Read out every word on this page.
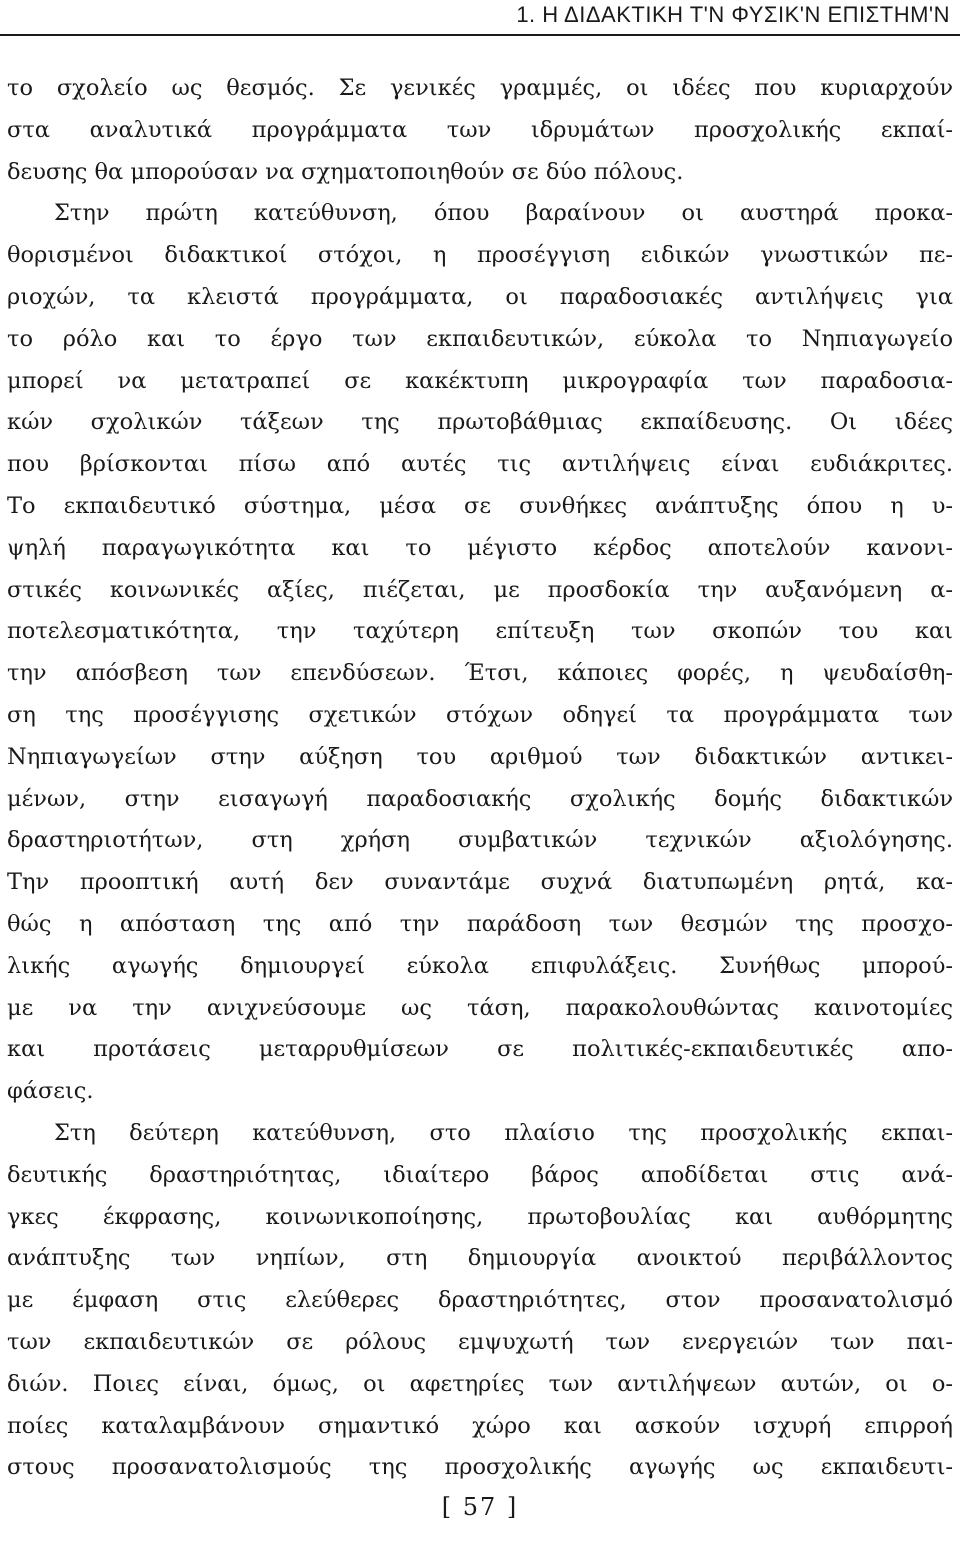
1. Η ΔΙΔΑΚΤΙΚΗ Τ'Ν ΦΥΣΙΚ'Ν ΕΠΙΣΤΗΜ'Ν
το σχολείο ως θεσμός. Σε γενικές γραμμές, οι ιδέες που κυριαρχούν
στα αναλυτικά προγράμματα των ιδρυμάτων προσχολικής εκπαί-
δευσης θα μπορούσαν να σχηματοποιηθούν σε δύο πόλους.
Στην πρώτη κατεύθυνση, όπου βαραίνουν οι αυστηρά προκα-
θορισμένοι διδακτικοί στόχοι, η προσέγγιση ειδικών γνωστικών πε-
ριοχών, τα κλειστά προγράμματα, οι παραδοσιακές αντιλήψεις για
το ρόλο και το έργο των εκπαιδευτικών, εύκολα το Νηπιαγωγείο
μπορεί να μετατραπεί σε κακέκτυπη μικρογραφία των παραδοσια-
κών σχολικών τάξεων της πρωτοβάθμιας εκπαίδευσης. Οι ιδέες
που βρίσκονται πίσω από αυτές τις αντιλήψεις είναι ευδιάκριτες.
Το εκπαιδευτικό σύστημα, μέσα σε συνθήκες ανάπτυξης όπου η υ-
ψηλή παραγωγικότητα και το μέγιστο κέρδος αποτελούν κανονι-
στικές κοινωνικές αξίες, πιέζεται, με προσδοκία την αυξανόμενη α-
ποτελεσματικότητα, την ταχύτερη επίτευξη των σκοπών του και
την απόσβεση των επενδύσεων. Έτσι, κάποιες φορές, η ψευδαίσθη-
ση της προσέγγισης σχετικών στόχων οδηγεί τα προγράμματα των
Νηπιαγωγείων στην αύξηση του αριθμού των διδακτικών αντικει-
μένων, στην εισαγωγή παραδοσιακής σχολικής δομής διδακτικών
δραστηριοτήτων, στη χρήση συμβατικών τεχνικών αξιολόγησης.
Την προοπτική αυτή δεν συναντάμε συχνά διατυπωμένη ρητά, κα-
θώς η απόσταση της από την παράδοση των θεσμών της προσχο-
λικής αγωγής δημιουργεί εύκολα επιφυλάξεις. Συνήθως μπορού-
με να την ανιχνεύσουμε ως τάση, παρακολουθώντας καινοτομίες
και προτάσεις μεταρρυθμίσεων σε πολιτικές-εκπαιδευτικές απο-
φάσεις.
Στη δεύτερη κατεύθυνση, στο πλαίσιο της προσχολικής εκπαι-
δευτικής δραστηριότητας, ιδιαίτερο βάρος αποδίδεται στις ανά-
γκες έκφρασης, κοινωνικοποίησης, πρωτοβουλίας και αυθόρμητης
ανάπτυξης των νηπίων, στη δημιουργία ανοικτού περιβάλλοντος
με έμφαση στις ελεύθερες δραστηριότητες, στον προσανατολισμό
των εκπαιδευτικών σε ρόλους εμψυχωτή των ενεργειών των παι-
διών. Ποιες είναι, όμως, οι αφετηρίες των αντιλήψεων αυτών, οι ο-
ποίες καταλαμβάνουν σημαντικό χώρο και ασκούν ισχυρή επιρροή
στους προσανατολισμούς της προσχολικής αγωγής ως εκπαιδευτι-
[ 57 ]
